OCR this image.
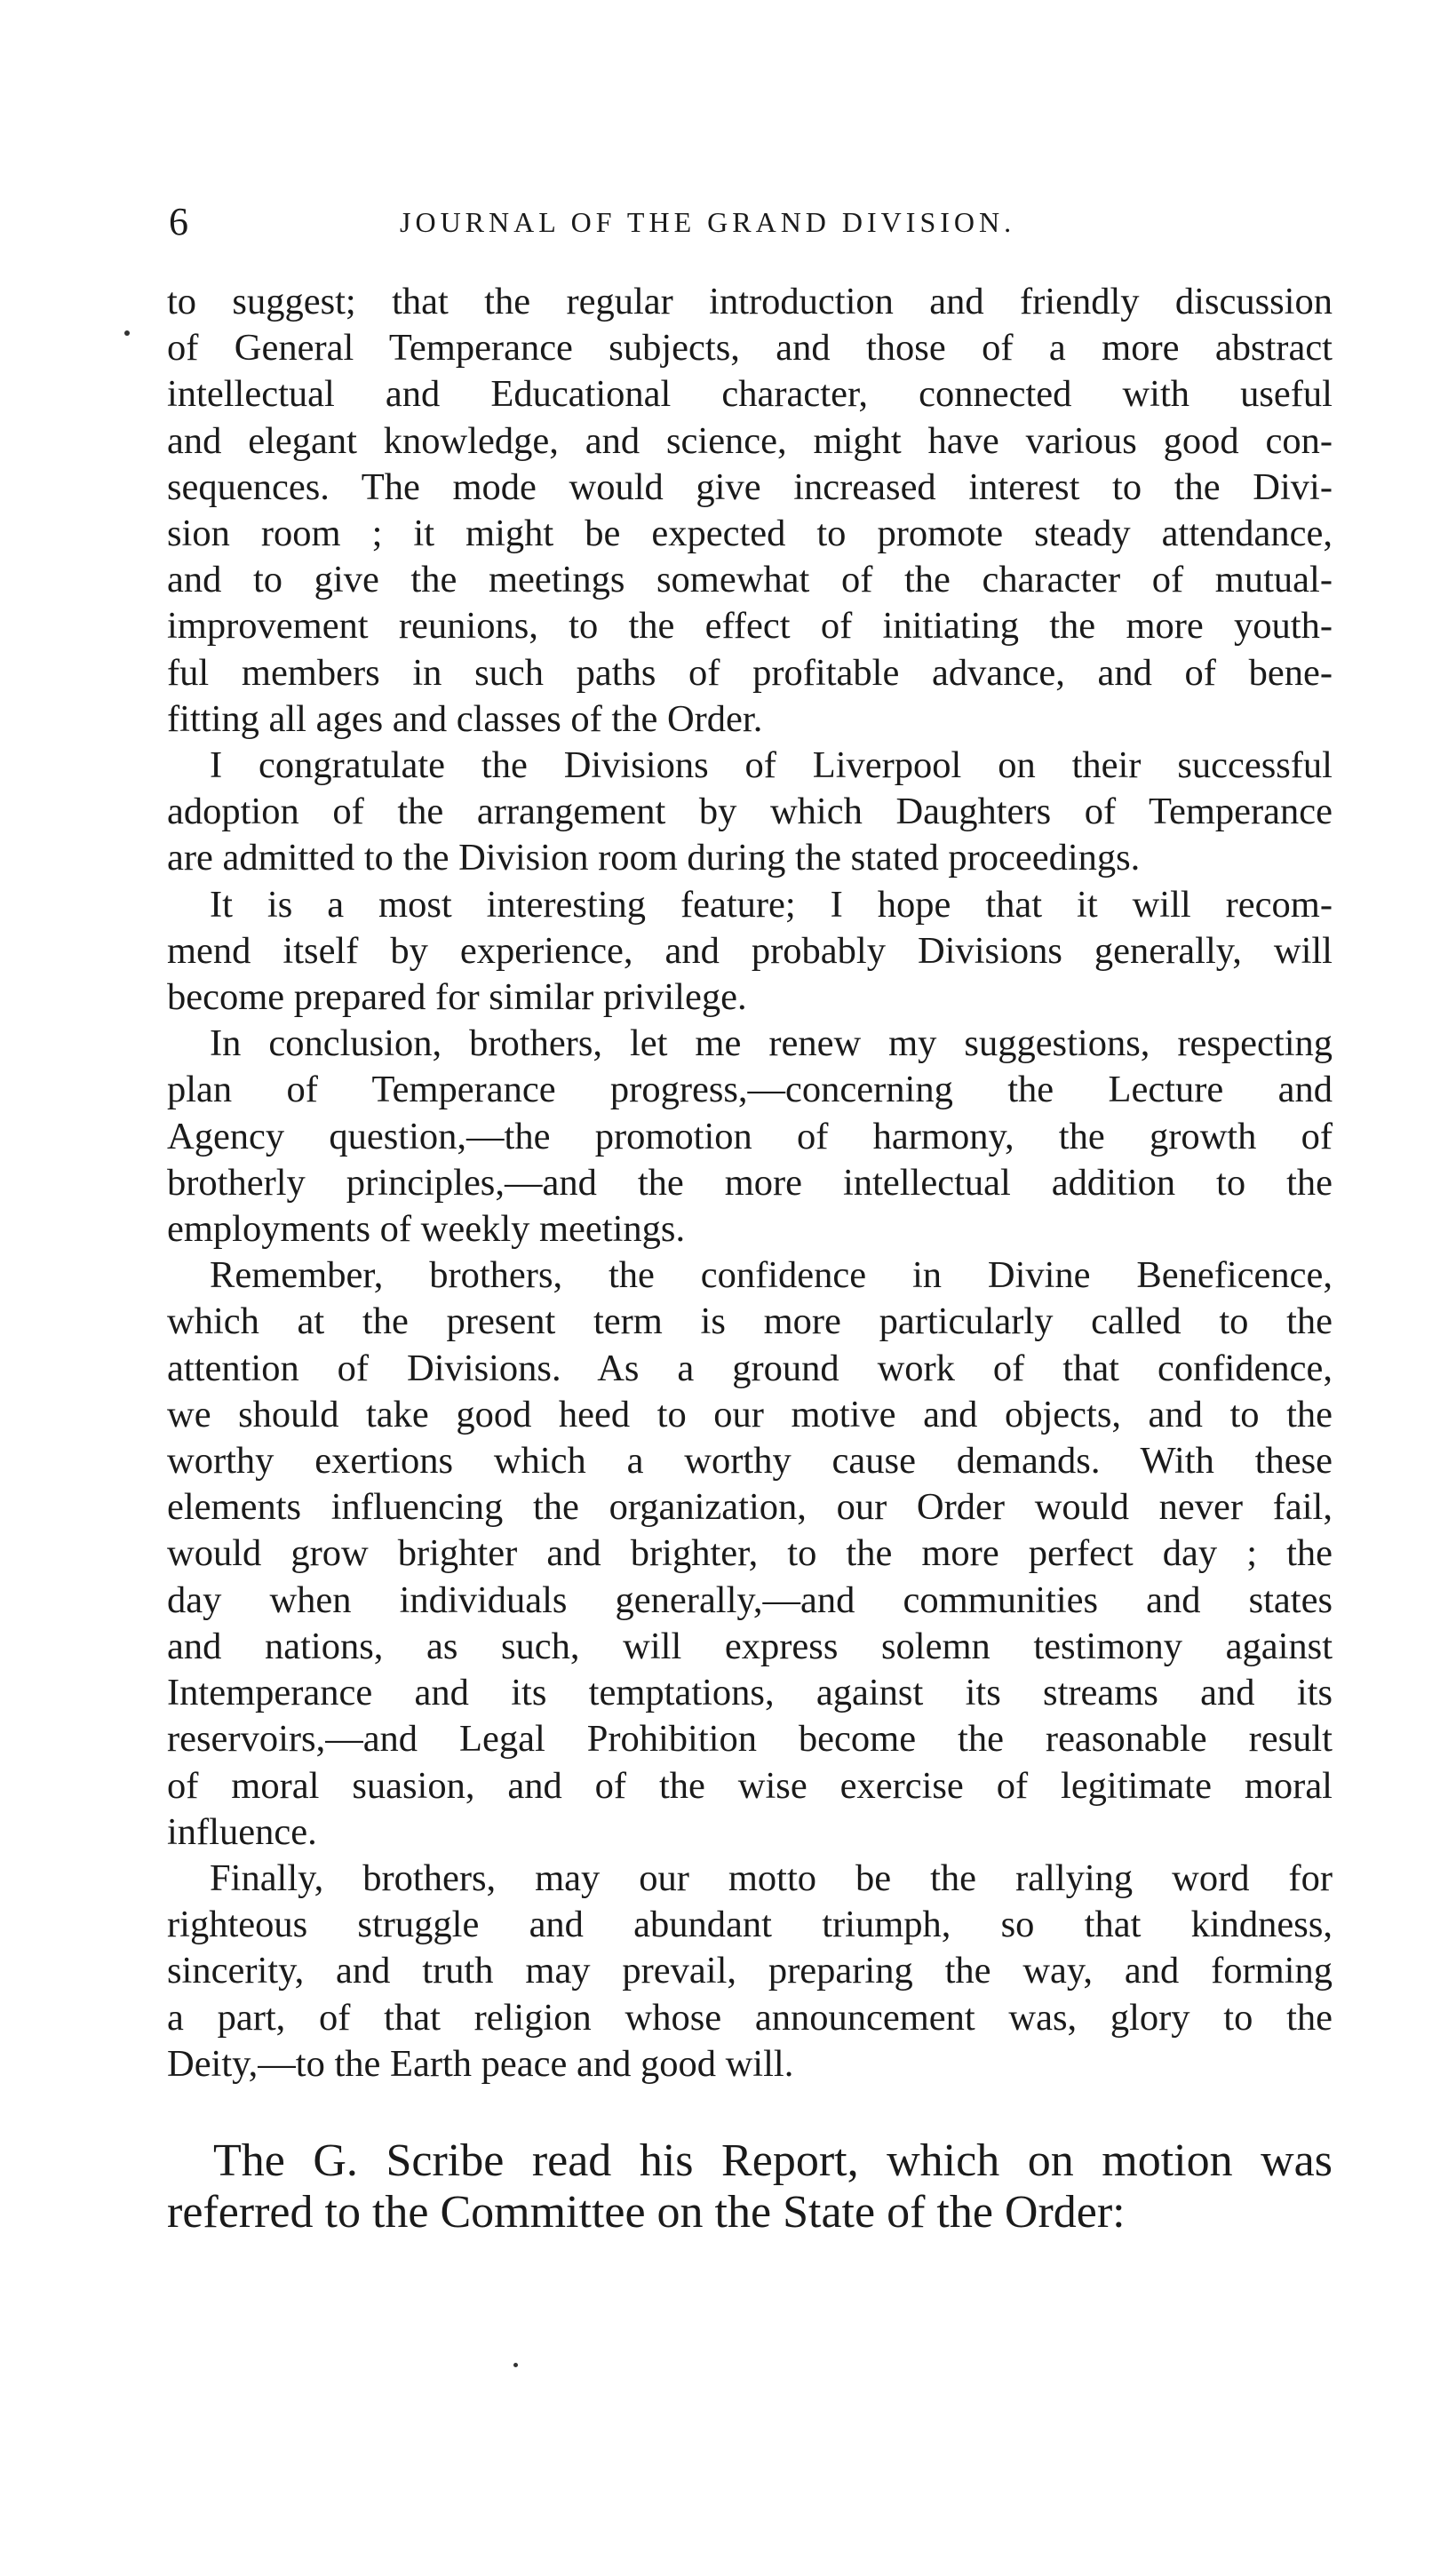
6	JOURNAL OF THE GRAND DIVISION.

to suggest; that the regular introduction and friendly discussion
of General Temperance subjects, and those of a more abstract
intellectual and Educational character, connected with useful
and elegant knowledge, and science, might have various good con-
sequences. The mode would give increased interest to the Divi-
sion room ; it might be expected to promote steady attendance,
and to give the meetings somewhat of the character of mutual-
improvement reunions, to the effect of initiating the more youth-
ful members in such paths of profitable advance, and of bene-
fitting all ages and classes of the Order.

I congratulate the Divisions of Liverpool on their successful
adoption of the arrangement by which Daughters of Temperance
are admitted to the Division room during the stated proceedings.

It is a most interesting feature; I hope that it will recom-
mend itself by experience, and probably Divisions generally, will
become prepared for similar privilege.

In conclusion, brothers, let me renew my suggestions, respecting
plan of Temperance progress,—concerning the Lecture and
Agency question,—the promotion of harmony, the growth of
brotherly principles,—and the more intellectual addition to the
employments of weekly meetings.

Remember, brothers, the confidence in Divine Beneficence,
which at the present term is more particularly called to the
attention of Divisions. As a ground work of that confidence,
we should take good heed to our motive and objects, and to the
worthy exertions which a worthy cause demands. With these
elements influencing the organization, our Order would never fail,
would grow brighter and brighter, to the more perfect day ; the
day when individuals generally,—and communities and states
and nations, as such, will express solemn testimony against
Intemperance and its temptations, against its streams and its
reservoirs,—and Legal Prohibition become the reasonable result
of moral suasion, and of the wise exercise of legitimate moral
influence.

Finally, brothers, may our motto be the rallying word for
righteous struggle and abundant triumph, so that kindness,
sincerity, and truth may prevail, preparing the way, and forming
a part, of that religion whose announcement was, glory to the
Deity,—to the Earth peace and good will.

The G. Scribe read his Report, which on motion was
referred to the Committee on the State of the Order:
